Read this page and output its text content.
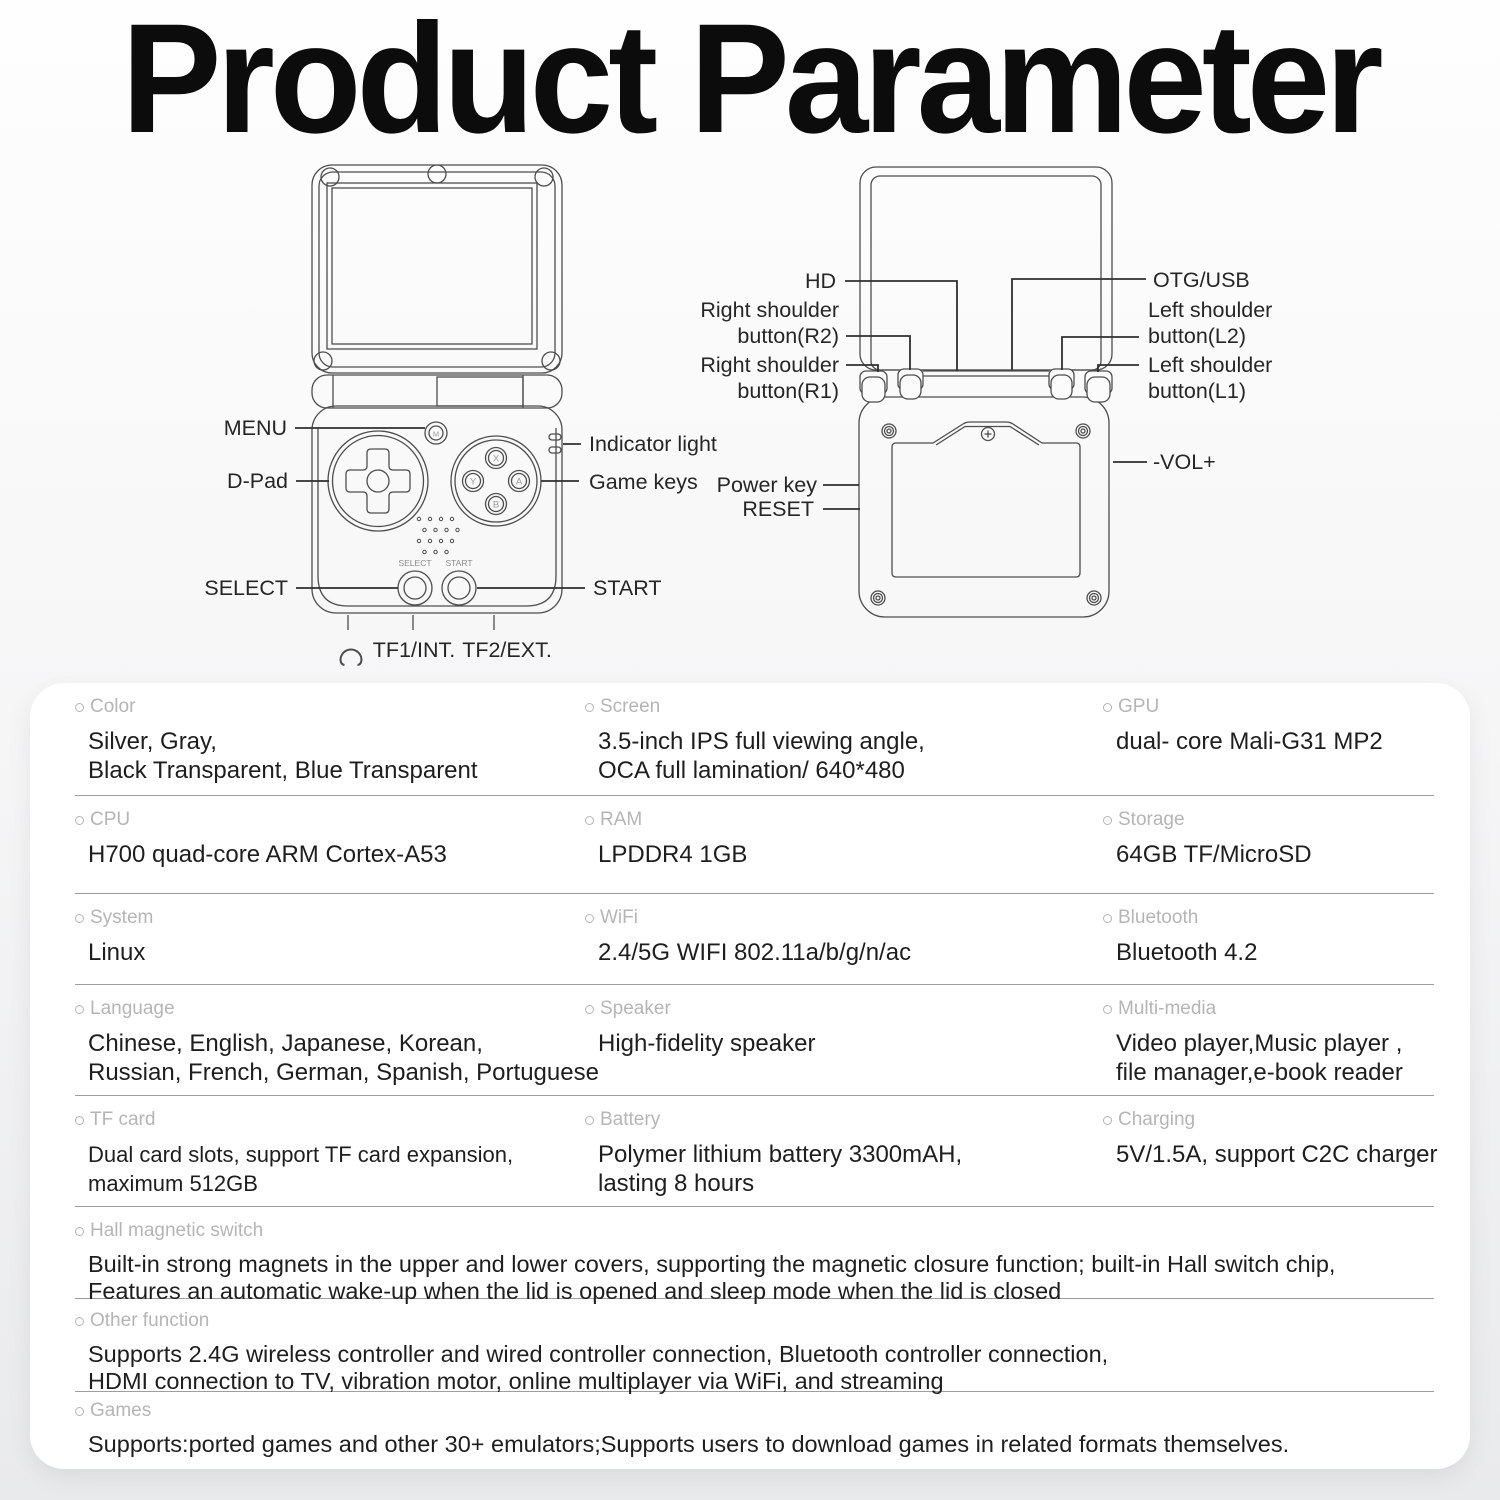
Product Parameter
M
X
Y	A
B
SELECT START
MENU
D-Pad
SELECT	START
Indicator light
Game keys
TF1/INT. TF2/EXT.
HD	OTG/USB
Right shoulder
button(R2)
Right shoulder
button(R1)
Left shoulder
button(L2)
Left shoulder
button(L1)
Power key
RESET
-VOL+
Color
Silver, Gray,
Black Transparent, Blue Transparent
Screen
3.5-inch IPS full viewing angle,
OCA full lamination/ 640*480
GPU
dual- core Mali-G31 MP2
CPU
H700 quad-core ARM Cortex-A53
RAM
LPDDR4 1GB
Storage
64GB TF/MicroSD
System
Linux
WiFi
2.4/5G WIFI 802.11a/b/g/n/ac
Bluetooth
Bluetooth 4.2
Language
Chinese, English, Japanese, Korean,
Russian, French, German, Spanish, Portuguese
Speaker
High-fidelity speaker
Multi-media
Video player,Music player ,
file manager,e-book reader
TF card
Dual card slots, support TF card expansion,
maximum 512GB
Battery
Polymer lithium battery 3300mAH,
lasting 8 hours
Charging
5V/1.5A, support C2C charger
Hall magnetic switch
Built-in strong magnets in the upper and lower covers, supporting the magnetic closure function; built-in Hall switch chip,
Features an automatic wake-up when the lid is opened and sleep mode when the lid is closed
Other function
Supports 2.4G wireless controller and wired controller connection, Bluetooth controller connection,
HDMI connection to TV, vibration motor, online multiplayer via WiFi, and streaming
Games
Supports:ported games and other 30+ emulators;Supports users to download games in related formats themselves.
